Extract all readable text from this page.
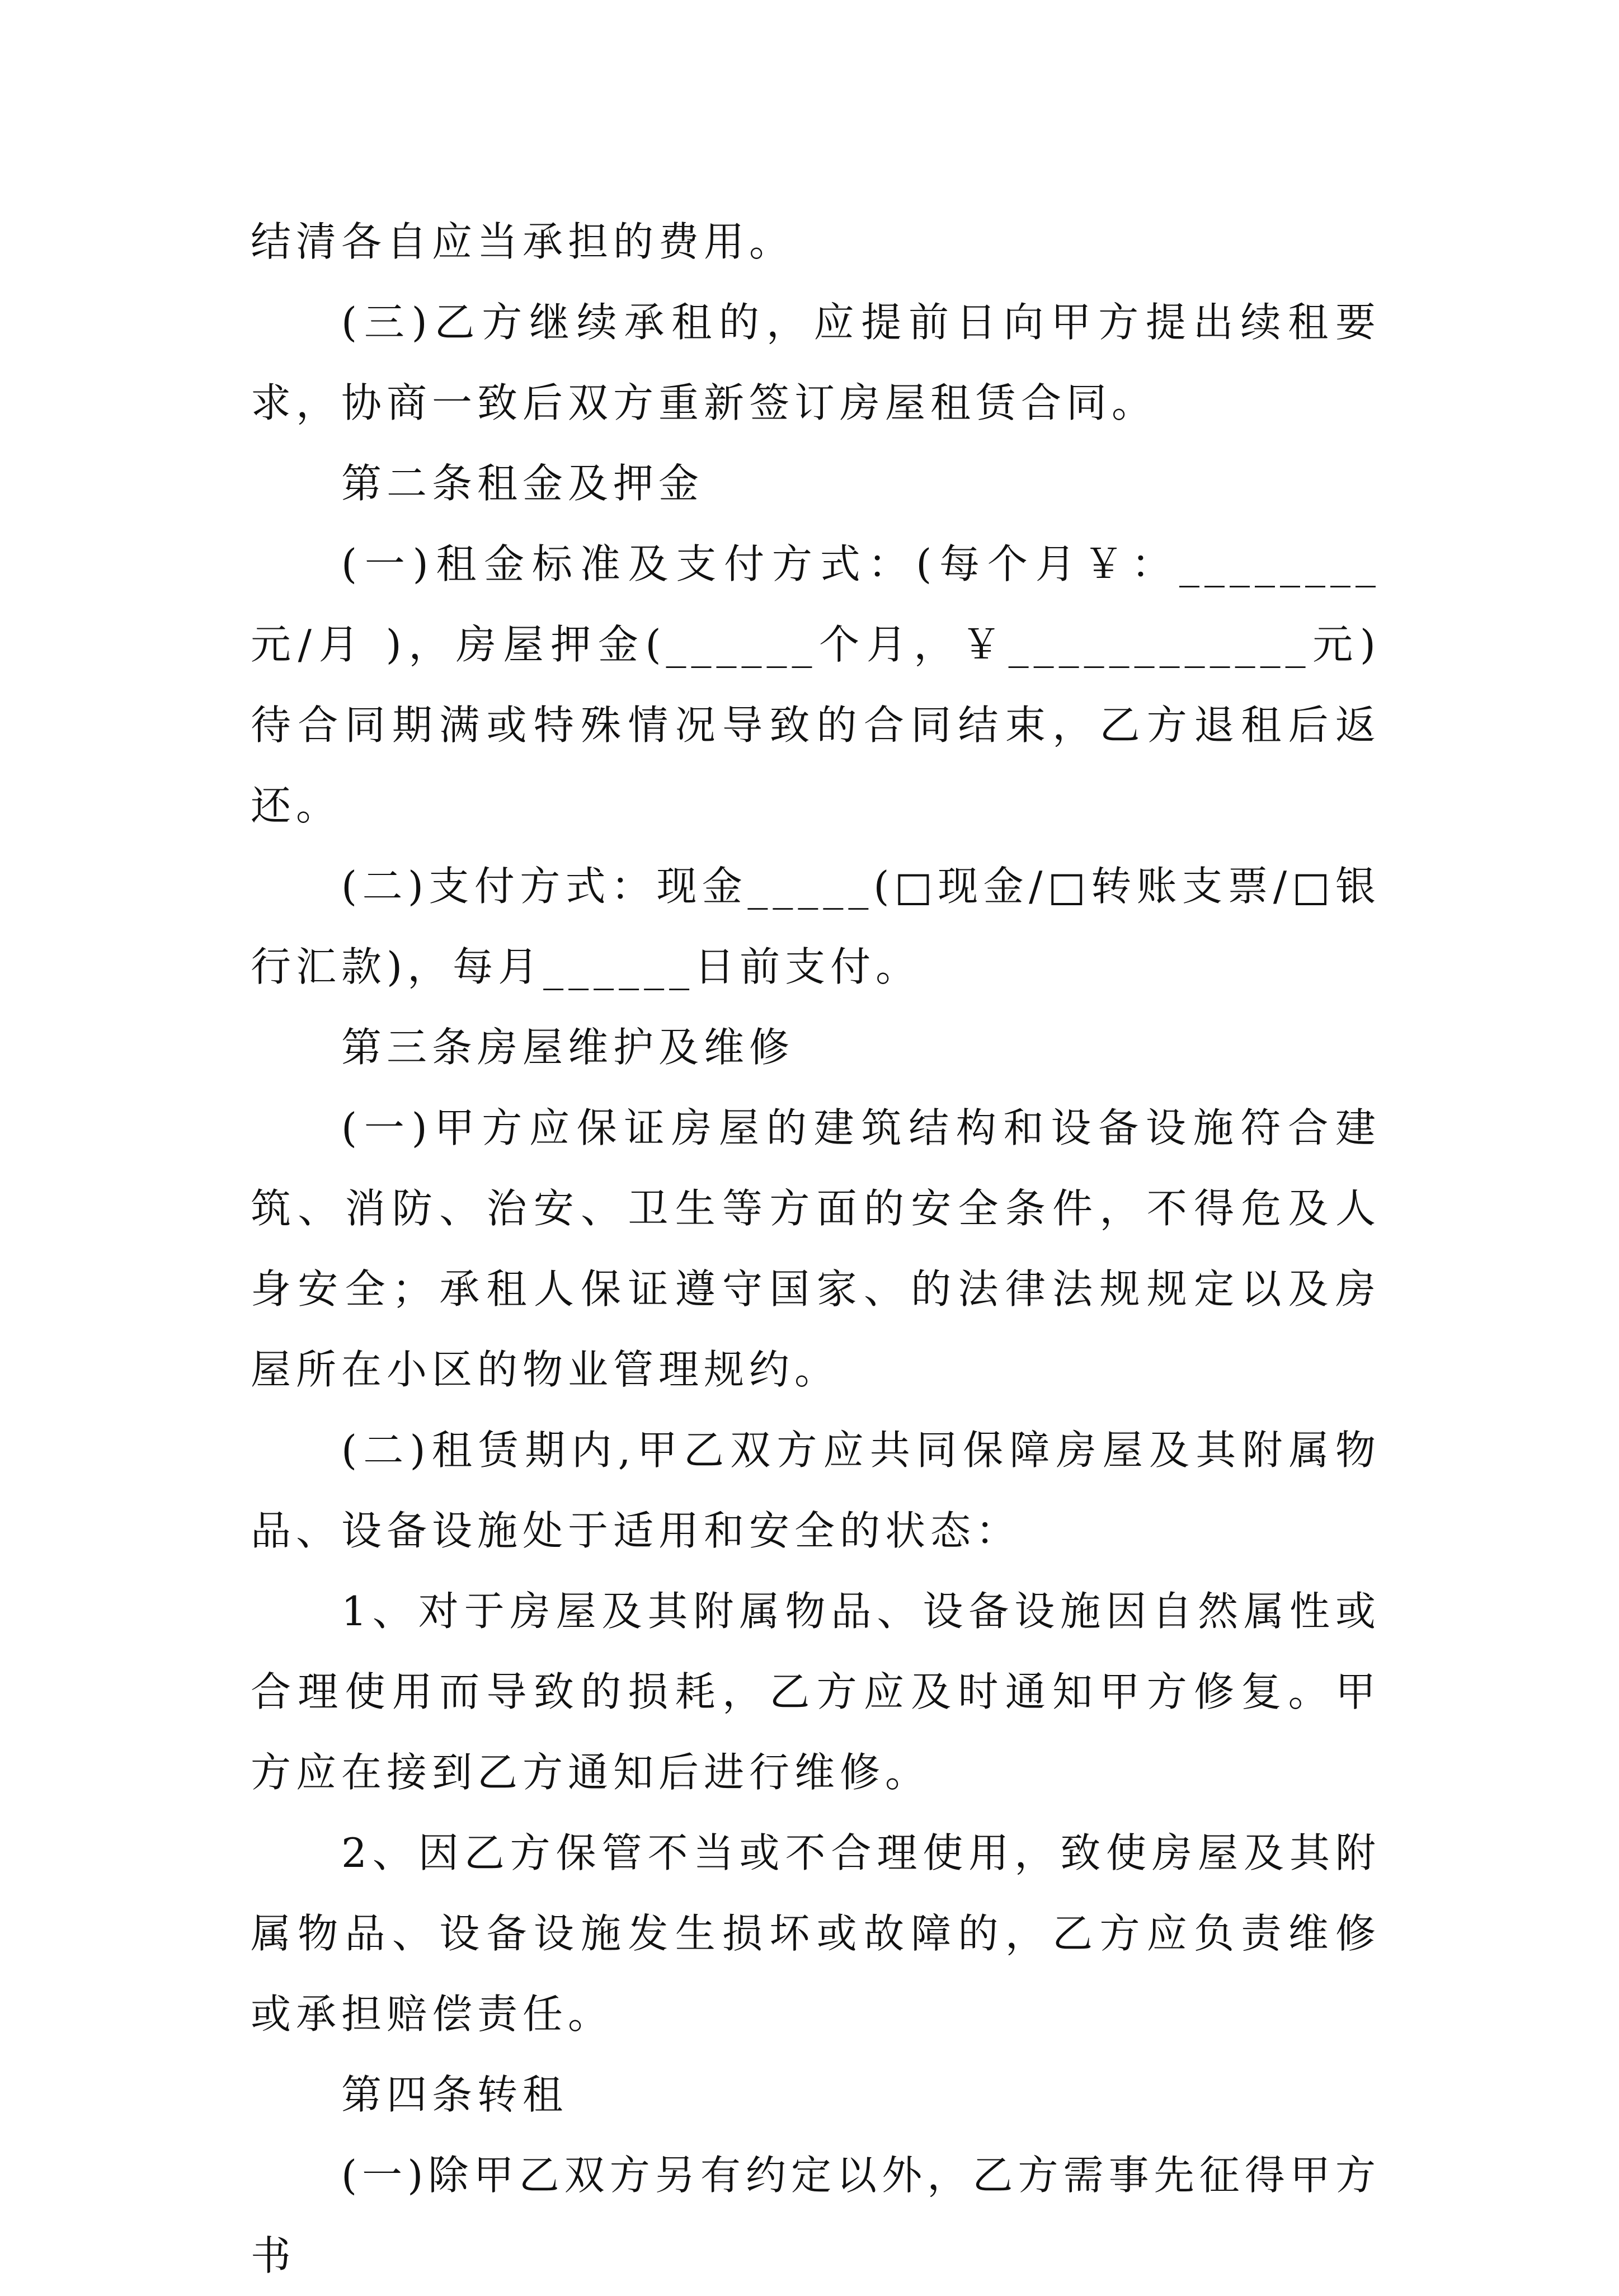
结清各自应当承担的费用。

(三)乙方继续承租的，应提前日向甲方提出续租要求，协商一致后双方重新签订房屋租赁合同。

第二条租金及押金

(一)租金标准及支付方式：(每个月￥：________元/月 )，房屋押金(______个月，￥____________元)待合同期满或特殊情况导致的合同结束，乙方退租后返还。

(二)支付方式：现金_____(□现金/□转账支票/□银行汇款)，每月______日前支付。

第三条房屋维护及维修

(一)甲方应保证房屋的建筑结构和设备设施符合建筑、消防、治安、卫生等方面的安全条件，不得危及人身安全；承租人保证遵守国家、的法律法规规定以及房屋所在小区的物业管理规约。

(二)租赁期内,甲乙双方应共同保障房屋及其附属物品、设备设施处于适用和安全的状态：

1、对于房屋及其附属物品、设备设施因自然属性或合理使用而导致的损耗，乙方应及时通知甲方修复。甲方应在接到乙方通知后进行维修。

2、因乙方保管不当或不合理使用，致使房屋及其附属物品、设备设施发生损坏或故障的，乙方应负责维修或承担赔偿责任。

第四条转租

(一)除甲乙双方另有约定以外，乙方需事先征得甲方书
